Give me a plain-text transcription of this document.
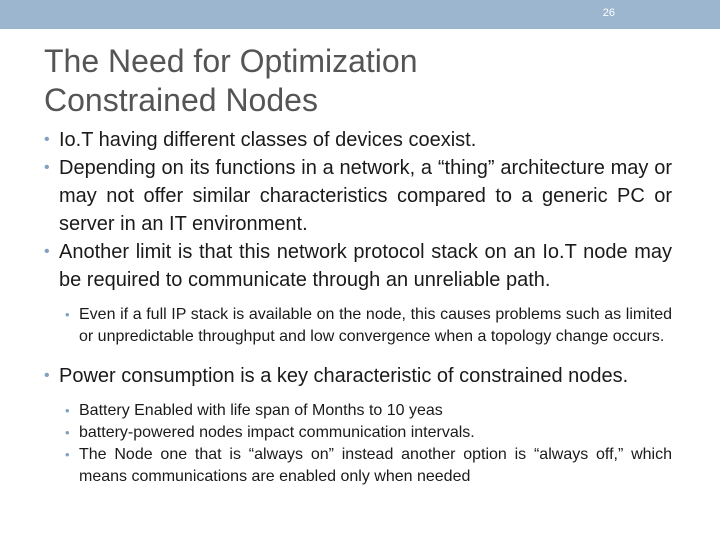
26
The Need for Optimization
Constrained Nodes

• Io.T having different classes of devices coexist.

• Depending on its functions in a network, a “thing” architecture may or may not offer similar characteristics compared to a generic PC or server in an IT environment.

• Another limit is that this network protocol stack on an Io.T node may be required to communicate through an unreliable path.

• Even if a full IP stack is available on the node, this causes problems such as limited or unpredictable throughput and low convergence when a topology change occurs.

• Power consumption is a key characteristic of constrained nodes.

• Battery Enabled with life span of Months to 10 yeas

• battery-powered nodes impact communication intervals.

• The Node one that is “always on” instead another option is “always off,” which means communications are enabled only when needed
